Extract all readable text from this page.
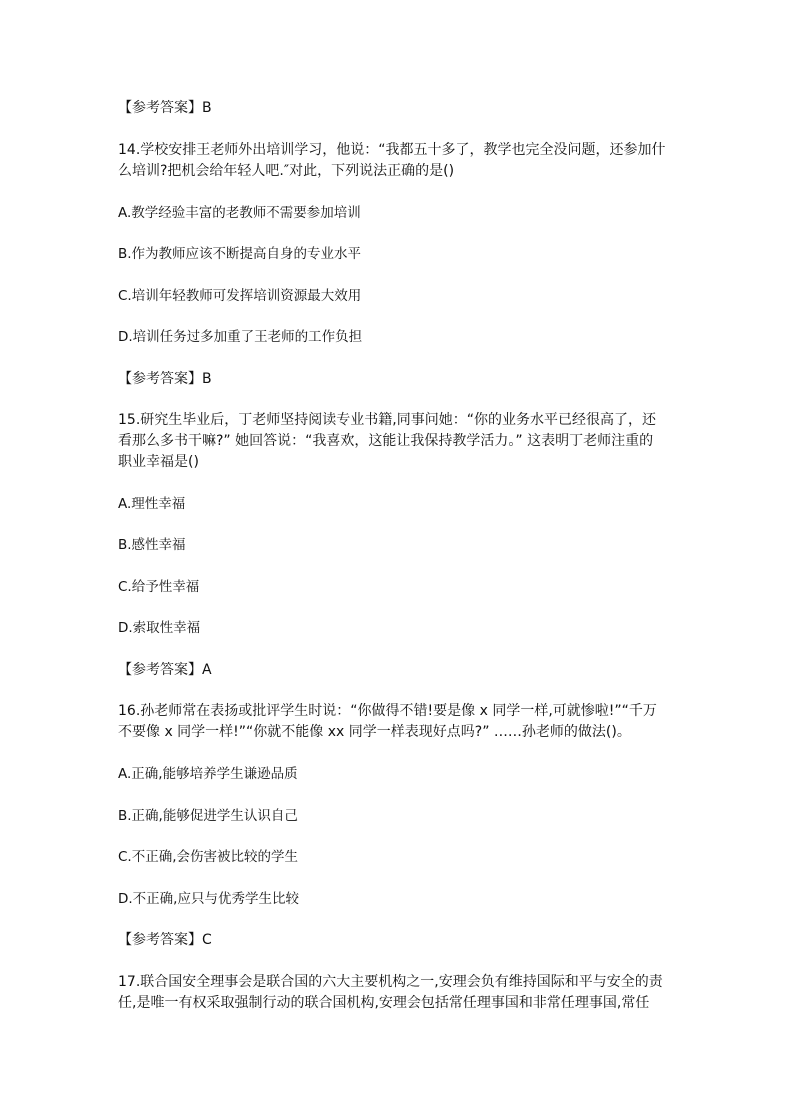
【参考答案】B
14.学校安排王老师外出培训学习，他说：“我都五十多了，教学也完全没问题，还参加什
么培训?把机会给年轻人吧.″对此，下列说法正确的是()
A.教学经验丰富的老教师不需要参加培训
B.作为教师应该不断提高自身的专业水平
C.培训年轻教师可发挥培训资源最大效用
D.培训任务过多加重了王老师的工作负担
【参考答案】B
15.研究生毕业后，丁老师坚持阅读专业书籍,同事问她：“你的业务水平已经很高了，还
看那么多书干嘛?” 她回答说：“我喜欢，这能让我保持教学活力。” 这表明丁老师注重的
职业幸福是()
A.理性幸福
B.感性幸福
C.给予性幸福
D.索取性幸福
【参考答案】A
16.孙老师常在表扬或批评学生时说：“你做得不错!要是像 x 同学一样,可就惨啦!”“千万
不要像 x 同学一样!”“你就不能像 xx 同学一样表现好点吗?” ……孙老师的做法()。
A.正确,能够培养学生谦逊品质
B.正确,能够促进学生认识自己
C.不正确,会伤害被比较的学生
D.不正确,应只与优秀学生比较
【参考答案】C
17.联合国安全理事会是联合国的六大主要机构之一,安理会负有维持国际和平与安全的责
任,是唯一有权采取强制行动的联合国机构,安理会包括常任理事国和非常任理事国,常任
